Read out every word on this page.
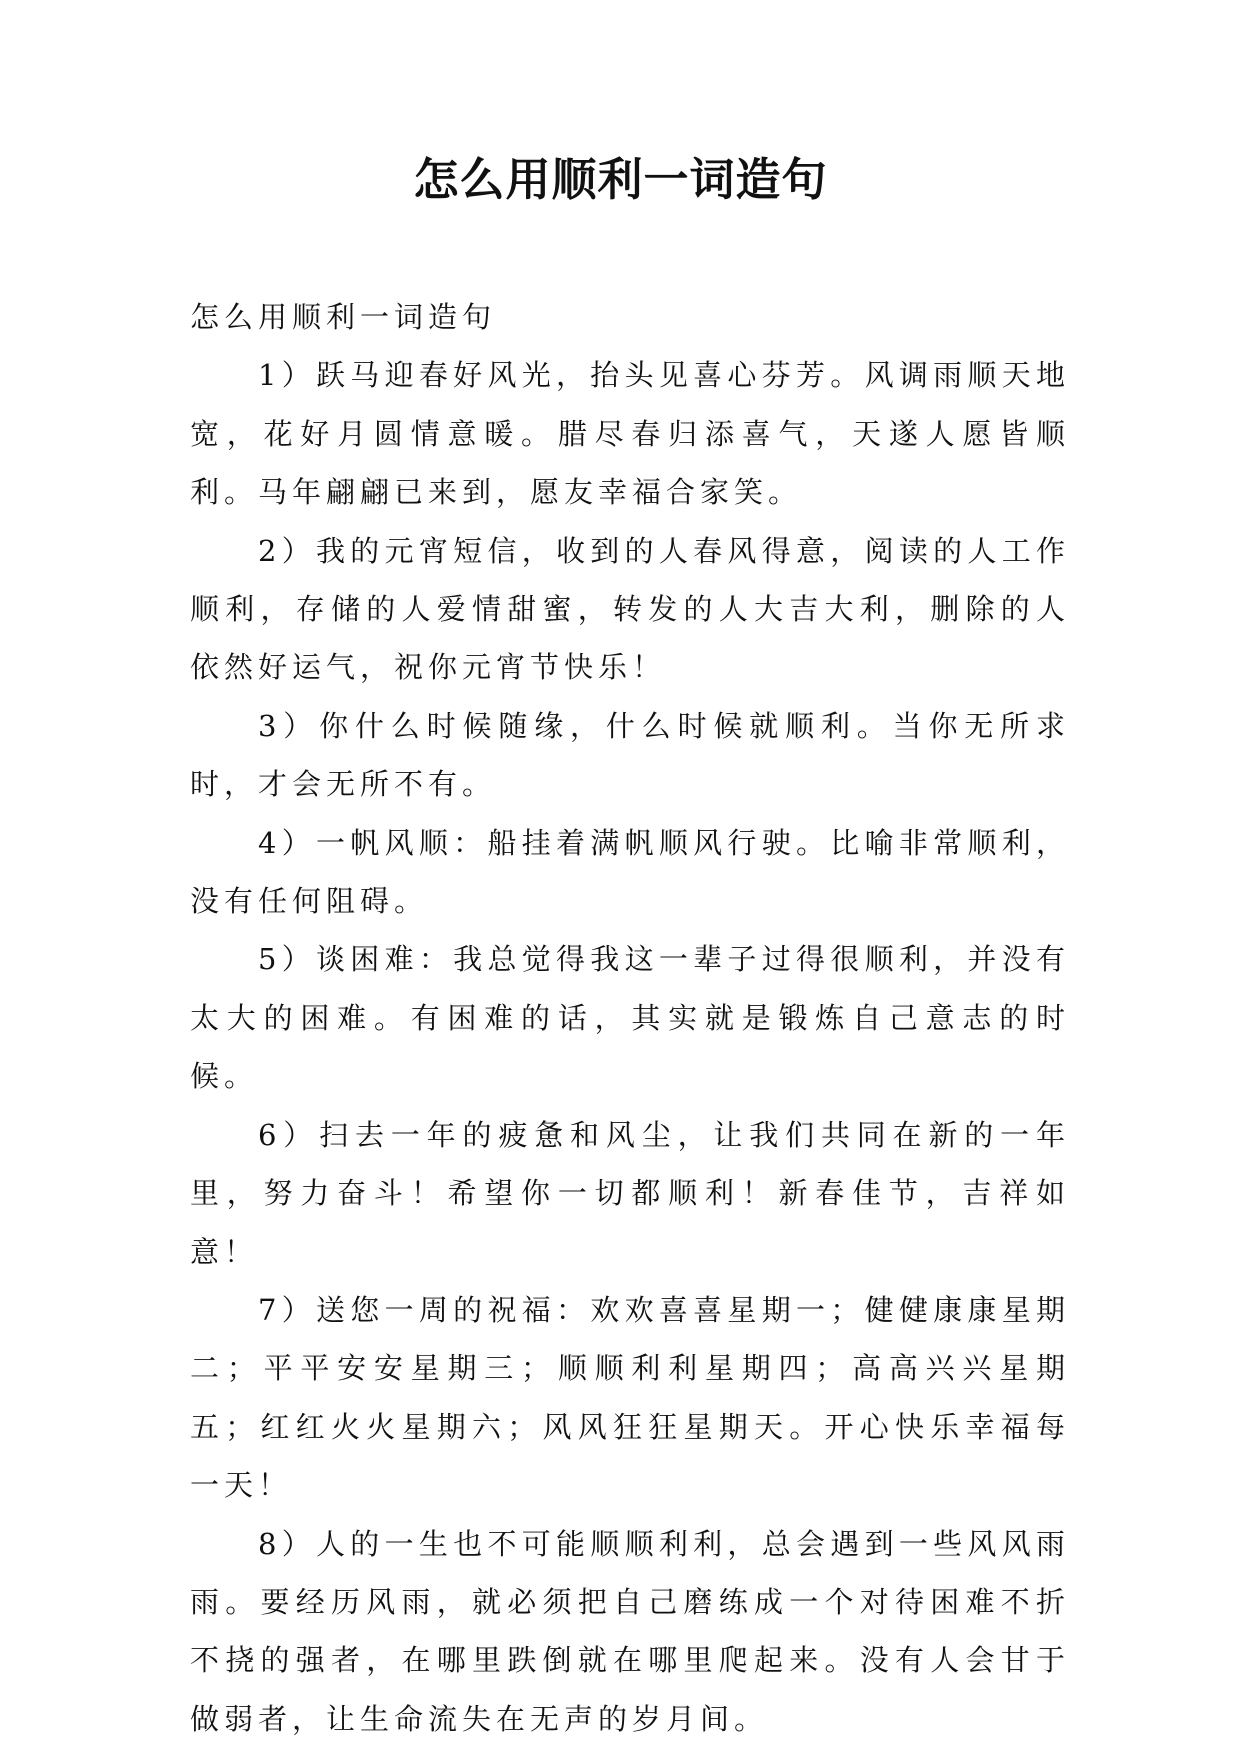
怎么用顺利一词造句

怎么用顺利一词造句

1）跃马迎春好风光，抬头见喜心芬芳。风调雨顺天地宽，花好月圆情意暖。腊尽春归添喜气，天遂人愿皆顺利。马年翩翩已来到，愿友幸福合家笑。

2）我的元宵短信，收到的人春风得意，阅读的人工作顺利，存储的人爱情甜蜜，转发的人大吉大利，删除的人依然好运气，祝你元宵节快乐！

3）你什么时候随缘，什么时候就顺利。当你无所求时，才会无所不有。

4）一帆风顺：船挂着满帆顺风行驶。比喻非常顺利，没有任何阻碍。

5）谈困难：我总觉得我这一辈子过得很顺利，并没有太大的困难。有困难的话，其实就是锻炼自己意志的时候。

6）扫去一年的疲惫和风尘，让我们共同在新的一年里，努力奋斗！希望你一切都顺利！新春佳节，吉祥如意！

7）送您一周的祝福：欢欢喜喜星期一；健健康康星期二；平平安安星期三；顺顺利利星期四；高高兴兴星期五；红红火火星期六；风风狂狂星期天。开心快乐幸福每一天！

8）人的一生也不可能顺顺利利，总会遇到一些风风雨雨。要经历风雨，就必须把自己磨练成一个对待困难不折不挠的强者，在哪里跌倒就在哪里爬起来。没有人会甘于做弱者，让生命流失在无声的岁月间。
